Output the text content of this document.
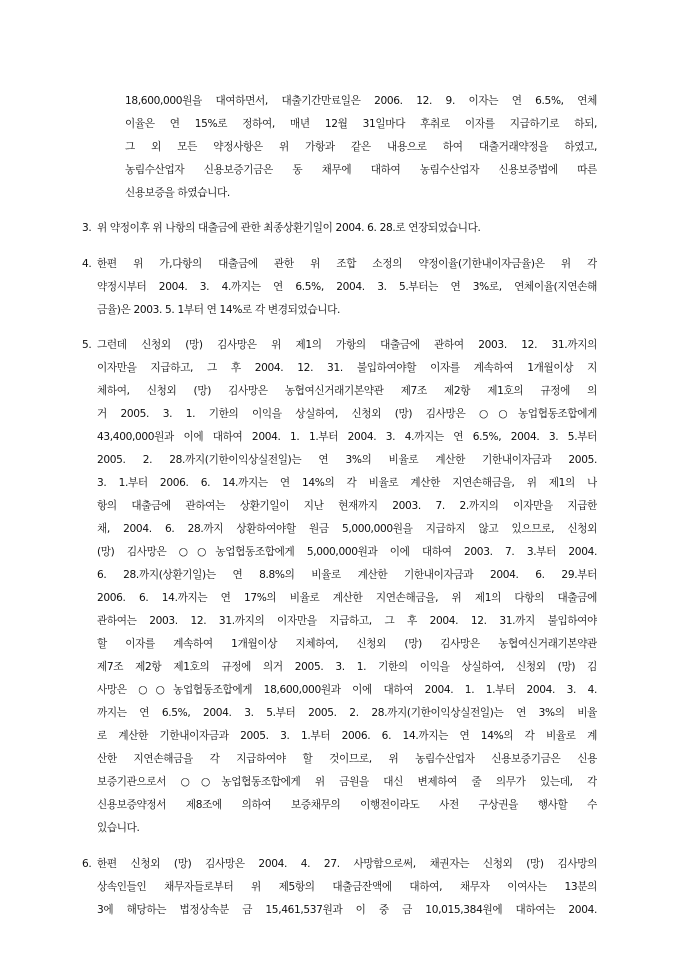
18,600,000원을 대여하면서, 대출기간만료일은 2006. 12. 9. 이자는 연 6.5%, 연체
이율은 연 15%로 정하여, 매년 12월 31일마다 후취로 이자를 지급하기로 하되,
그 외 모든 약정사항은 위 가항과 같은 내용으로 하여 대출거래약정을 하였고,
농림수산업자 신용보증기금은 동 채무에 대하여 농림수산업자 신용보증법에 따른
신용보증을 하였습니다.
3. 위 약정이후 위 나항의 대출금에 관한 최종상환기일이 2004. 6. 28.로 연장되었습니다.
4. 한편 위 가,다항의 대출금에 관한 위 조합 소정의 약정이율(기한내이자금율)은 위 각
약정시부터 2004. 3. 4.까지는 연 6.5%, 2004. 3. 5.부터는 연 3%로, 연체이율(지연손해
금율)은 2003. 5. 1부터 연 14%로 각 변경되었습니다.
5. 그런데 신청외 (망) 김사망은 위 제1의 가항의 대출금에 관하여 2003. 12. 31.까지의
이자만을 지급하고, 그 후 2004. 12. 31. 불입하여야할 이자를 계속하여 1개월이상 지
체하여, 신청외 (망) 김사망은 농협여신거래기본약관 제7조 제2항 제1호의 규정에 의
거 2005. 3. 1. 기한의 이익을 상실하여, 신청외 (망) 김사망은 ○○농업협동조합에게
43,400,000원과 이에 대하여 2004. 1. 1.부터 2004. 3. 4.까지는 연 6.5%, 2004. 3. 5.부터
2005. 2. 28.까지(기한이익상실전일)는 연 3%의 비율로 계산한 기한내이자금과 2005.
3. 1.부터 2006. 6. 14.까지는 연 14%의 각 비율로 계산한 지연손해금을, 위 제1의 나
항의 대출금에 관하여는 상환기일이 지난 현재까지 2003. 7. 2.까지의 이자만을 지급한
채, 2004. 6. 28.까지 상환하여야할 원금 5,000,000원을 지급하지 않고 있으므로, 신청외
(망) 김사망은 ○○농업협동조합에게 5,000,000원과 이에 대하여 2003. 7. 3.부터 2004.
6. 28.까지(상환기일)는 연 8.8%의 비율로 계산한 기한내이자금과 2004. 6. 29.부터
2006. 6. 14.까지는 연 17%의 비율로 계산한 지연손해금을, 위 제1의 다항의 대출금에
관하여는 2003. 12. 31.까지의 이자만을 지급하고, 그 후 2004. 12. 31.까지 불입하여야
할 이자를 계속하여 1개월이상 지체하여, 신청외 (망) 김사망은 농협여신거래기본약관
제7조 제2항 제1호의 규정에 의거 2005. 3. 1. 기한의 이익을 상실하여, 신청외 (망) 김
사망은 ○○농업협동조합에게 18,600,000원과 이에 대하여 2004. 1. 1.부터 2004. 3. 4.
까지는 연 6.5%, 2004. 3. 5.부터 2005. 2. 28.까지(기한이익상실전일)는 연 3%의 비율
로 계산한 기한내이자금과 2005. 3. 1.부터 2006. 6. 14.까지는 연 14%의 각 비율로 계
산한 지연손해금을 각 지급하여야 할 것이므로, 위 농림수산업자 신용보증기금은 신용
보증기관으로서 ○○농업협동조합에게 위 금원을 대신 변제하여 줄 의무가 있는데, 각
신용보증약정서 제8조에 의하여 보증채무의 이행전이라도 사전 구상권을 행사할 수
있습니다.
6. 한편 신청외 (망) 김사망은 2004. 4. 27. 사망함으로써, 채권자는 신청외 (망) 김사망의
상속인들인 채무자들로부터 위 제5항의 대출금잔액에 대하여, 채무자 이여사는 13분의
3에 해당하는 법정상속분 금 15,461,537원과 이 중 금 10,015,384원에 대하여는 2004.
